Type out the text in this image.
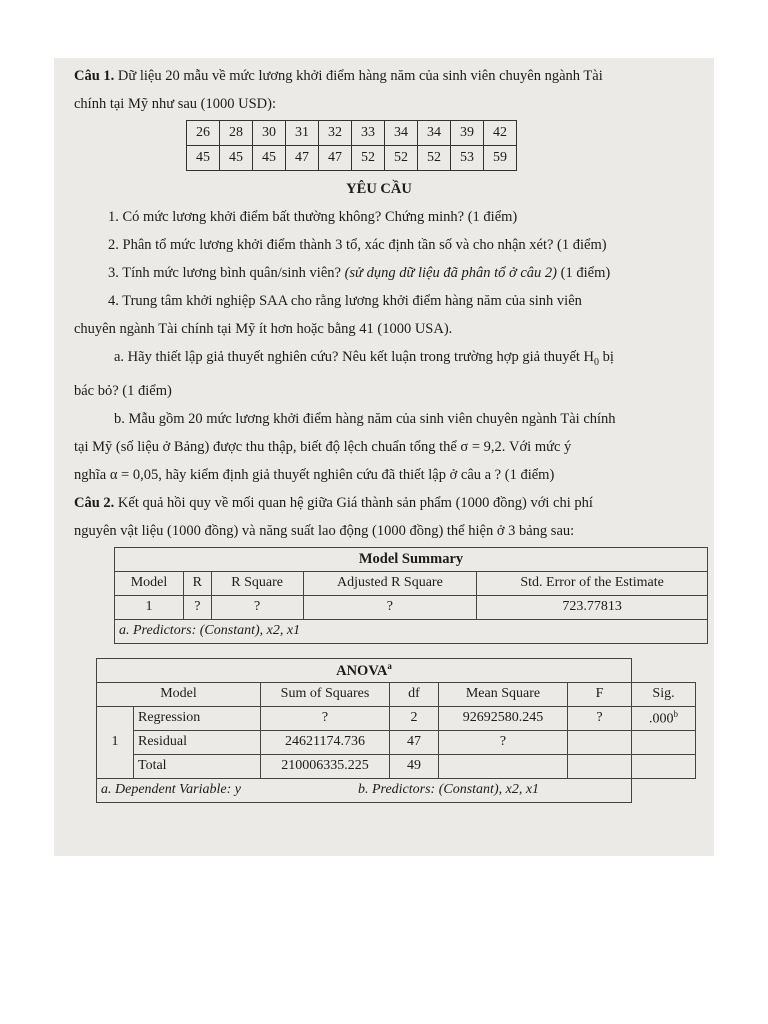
Câu 1. Dữ liệu 20 mẫu về mức lương khởi điểm hàng năm của sinh viên chuyên ngành Tài
chính tại Mỹ như sau (1000 USD):
26	28	30	31	32	33	34	34	39	42
45	45	45	47	47	52	52	52	53	59
YÊU CẦU
1. Có mức lương khởi điểm bất thường không? Chứng minh? (1 điểm)
2. Phân tổ mức lương khởi điểm thành 3 tổ, xác định tần số và cho nhận xét? (1 điểm)
3. Tính mức lương bình quân/sinh viên? (sử dụng dữ liệu đã phân tổ ở câu 2) (1 điểm)
4. Trung tâm khởi nghiệp SAA cho rằng lương khởi điểm hàng năm của sinh viên
chuyên ngành Tài chính tại Mỹ ít hơn hoặc bằng 41 (1000 USA).
a. Hãy thiết lập giả thuyết nghiên cứu? Nêu kết luận trong trường hợp giả thuyết $H_0$ bị
bác bỏ? (1 điểm)
b. Mẫu gồm 20 mức lương khởi điểm hàng năm của sinh viên chuyên ngành Tài chính
tại Mỹ (số liệu ở Bảng) được thu thập, biết độ lệch chuẩn tổng thể σ = 9,2. Với mức ý
nghĩa α = 0,05, hãy kiểm định giả thuyết nghiên cứu đã thiết lập ở câu a ? (1 điểm)
Câu 2. Kết quả hồi quy về mối quan hệ giữa Giá thành sản phẩm (1000 đồng) với chi phí
nguyên vật liệu (1000 đồng) và năng suất lao động (1000 đồng) thể hiện ở 3 bảng sau:
Model Summary				
Model	R	R Square	Adjusted R Square	Std. Error of the Estimate
1	?	?	?	723.77813
a. Predictors: (Constant), x2, x1				
ANOVA$^a$
Model		Sum of Squares	df	Mean Square	F	Sig.
1	Regression	?	2	92692580.245	?	.000$^b$
	Residual	24621174.736	47	?		
	Total	210006335.225	49			
a. Dependent Variable: y b. Predictors: (Constant), x2, x1						
